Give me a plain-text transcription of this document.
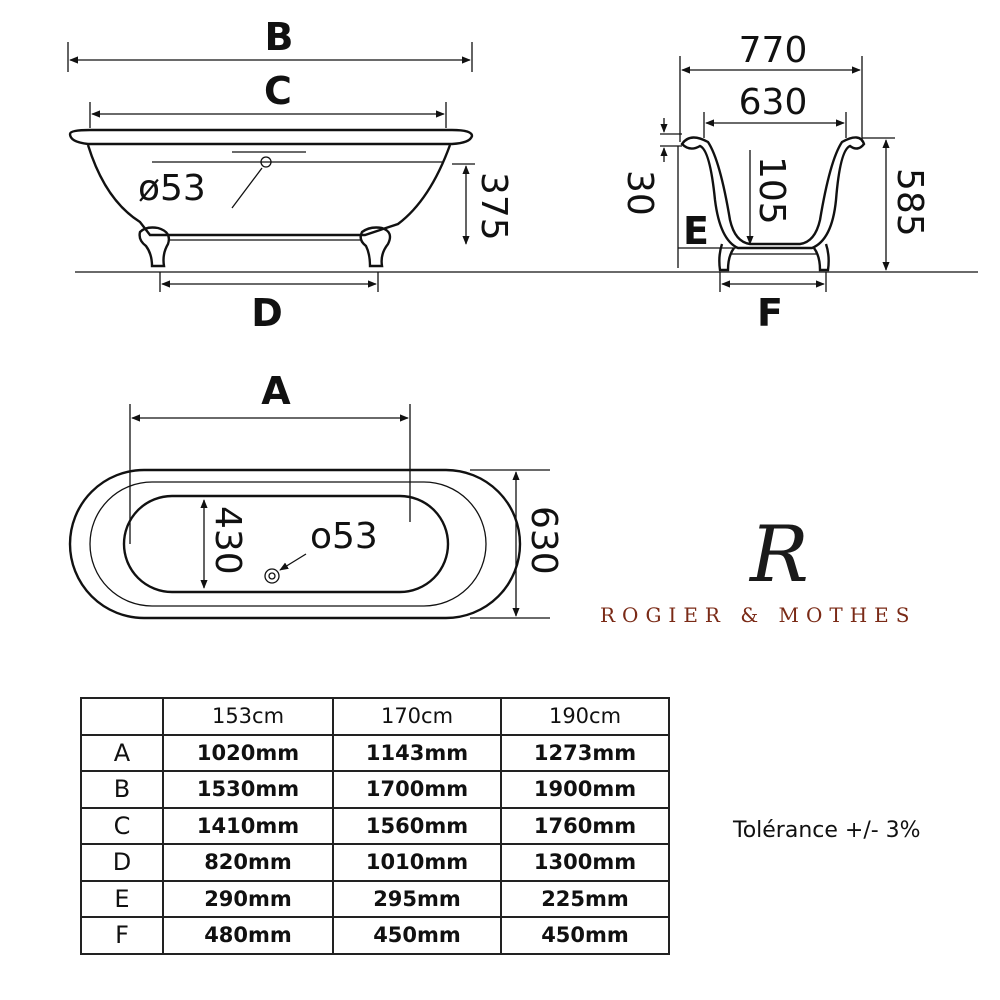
B
C
ø53	375
D
770
630
30
E
105	585
F
A
630
430 o53	R
ROGIER & MOTHES
	153cm	170cm	190cm
A	1020mm	1143mm	1273mm
B	1530mm	1700mm	1900mm
C	1410mm	1560mm	1760mm
D	820mm	1010mm	1300mm
E	290mm	295mm	225mm
F	480mm	450mm	450mm
Tolérance +/- 3%
